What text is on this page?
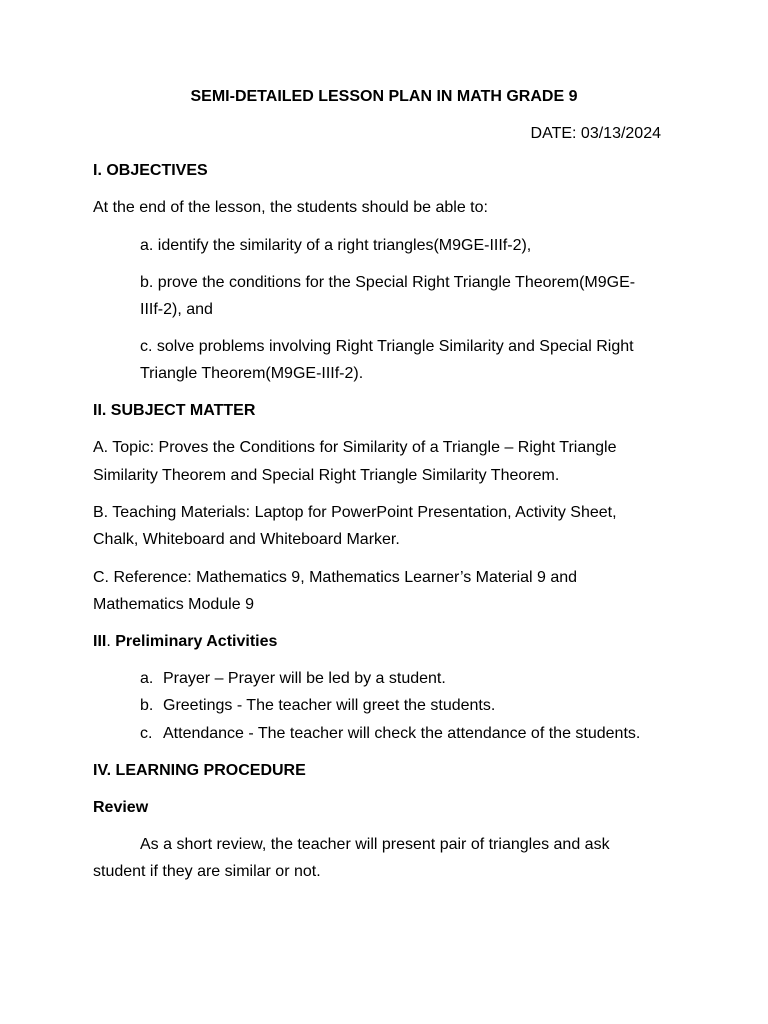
SEMI-DETAILED LESSON PLAN IN MATH GRADE 9
DATE: 03/13/2024
I. OBJECTIVES
At the end of the lesson, the students should be able to:
a. identify the similarity of a right triangles(M9GE-IIIf-2),
b. prove the conditions for the Special Right Triangle Theorem(M9GE-
IIIf-2), and
c. solve problems involving Right Triangle Similarity and Special Right
Triangle Theorem(M9GE-IIIf-2).
II. SUBJECT MATTER
A. Topic: Proves the Conditions for Similarity of a Triangle – Right Triangle
Similarity Theorem and Special Right Triangle Similarity Theorem.
B. Teaching Materials: Laptop for PowerPoint Presentation, Activity Sheet,
Chalk, Whiteboard and Whiteboard Marker.
C. Reference: Mathematics 9, Mathematics Learner’s Material 9 and
Mathematics Module 9
III. Preliminary Activities
a. Prayer – Prayer will be led by a student.
b. Greetings - The teacher will greet the students.
c. Attendance - The teacher will check the attendance of the students.
IV. LEARNING PROCEDURE
Review
As a short review, the teacher will present pair of triangles and ask
student if they are similar or not.
